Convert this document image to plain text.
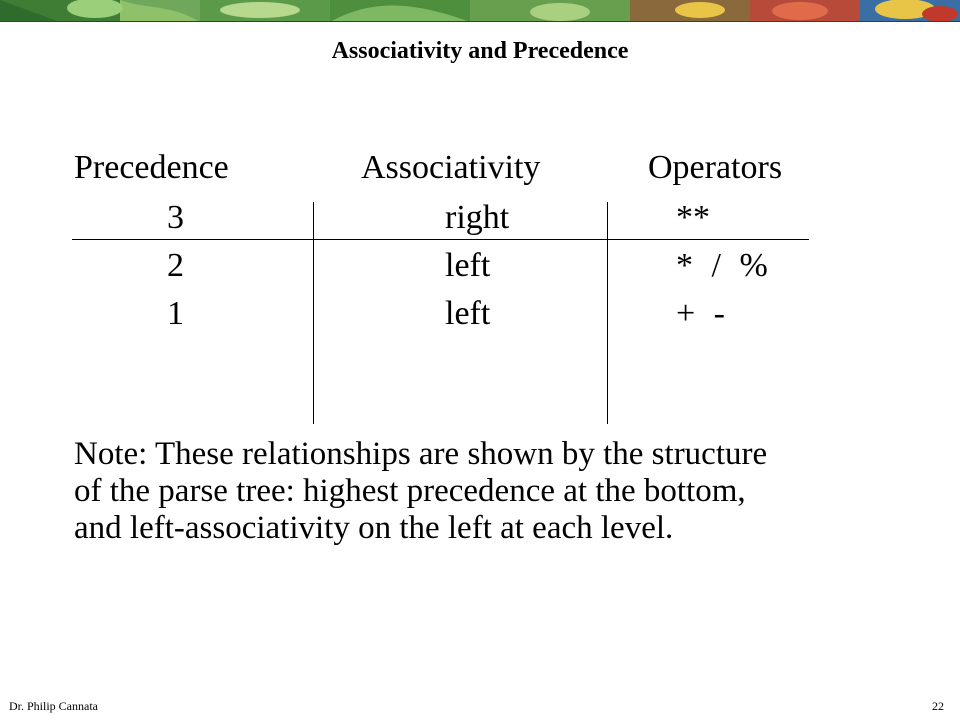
Associativity and Precedence
Precedence	Associativity	Operators
3	right	**
2	left	* / %
1	left	+ -
Note: These relationships are shown by the structure
of the parse tree: highest precedence at the bottom,
and left-associativity on the left at each level.
Dr. Philip Cannata	22
